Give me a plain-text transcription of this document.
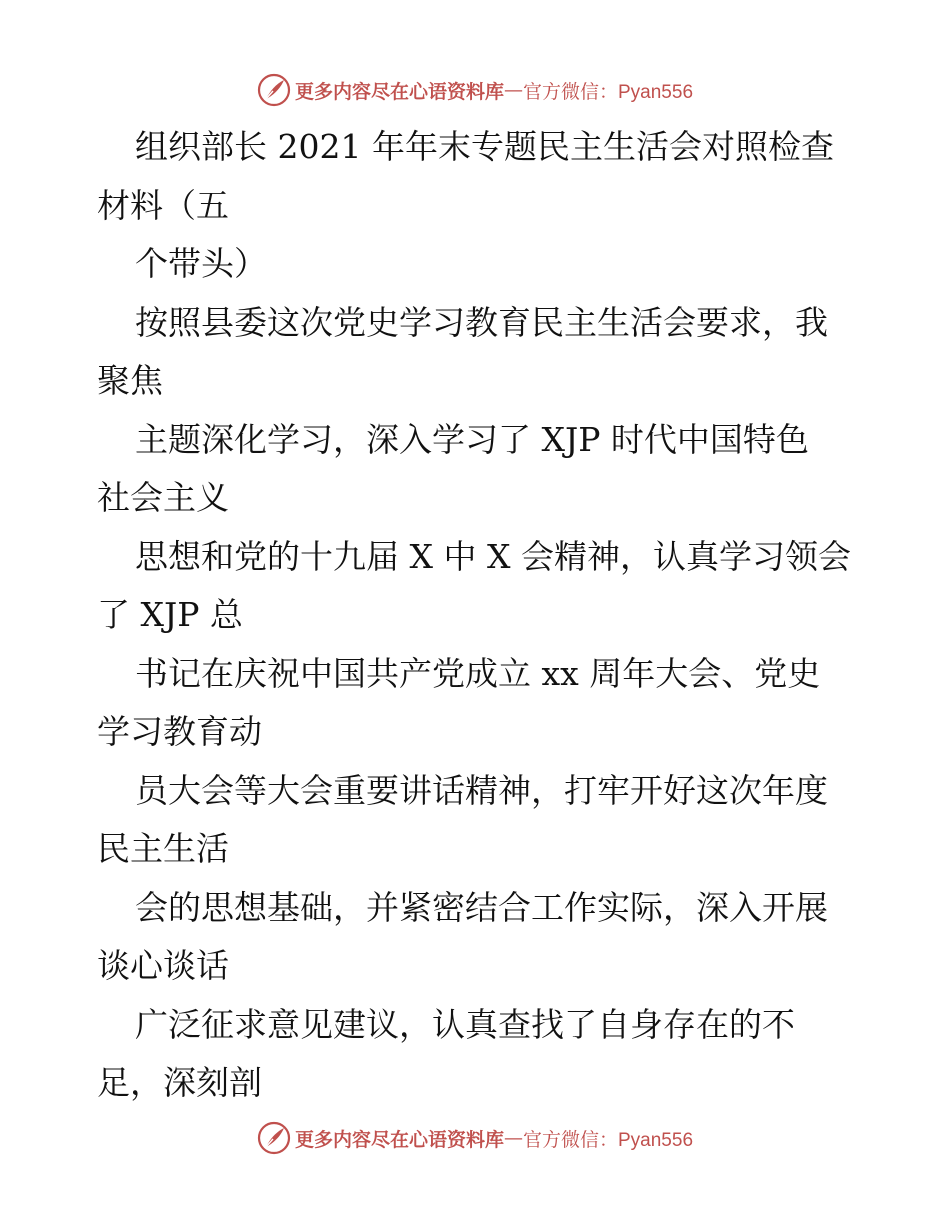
更多内容尽在心语资料库 — 官方微信：Pyan556
组织部长 2021 年年末专题民主生活会对照检查
材料（五
个带头）
按照县委这次党史学习教育民主生活会要求，我
聚焦
主题深化学习，深入学习了 XJP 时代中国特色
社会主义
思想和党的十九届 X 中 X 会精神，认真学习领会
了 XJP 总
书记在庆祝中国共产党成立 xx 周年大会、党史
学习教育动
员大会等大会重要讲话精神，打牢开好这次年度
民主生活
会的思想基础，并紧密结合工作实际，深入开展
谈心谈话
广泛征求意见建议，认真查找了自身存在的不
足，深刻剖
更多内容尽在心语资料库 — 官方微信：Pyan556
